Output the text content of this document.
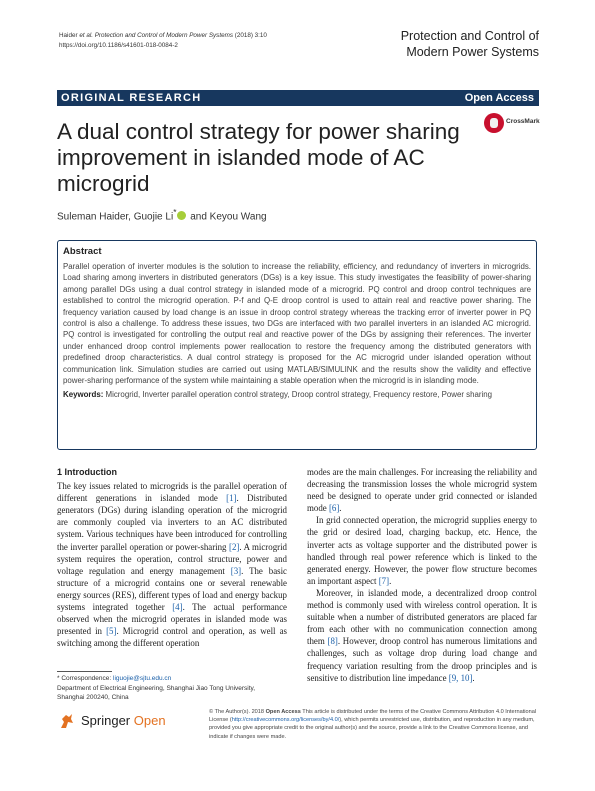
Haider et al. Protection and Control of Modern Power Systems (2018) 3:10
https://doi.org/10.1186/s41601-018-0084-2
Protection and Control of
Modern Power Systems
ORIGINAL RESEARCH	Open Access
A dual control strategy for power sharing improvement in islanded mode of AC microgrid
CrossMark
Suleman Haider, Guojie Li* and Keyou Wang
Abstract

Parallel operation of inverter modules is the solution to increase the reliability, efficiency, and redundancy of inverters in microgrids. Load sharing among inverters in distributed generators (DGs) is a key issue. This study investigates the feasibility of power-sharing among parallel DGs using a dual control strategy in islanded mode of a microgrid. PQ control and droop control techniques are established to control the microgrid operation. P-f and Q-E droop control is used to attain real and reactive power sharing. The frequency variation caused by load change is an issue in droop control strategy whereas the tracking error of inverter power in PQ control is also a challenge. To address these issues, two DGs are interfaced with two parallel inverters in an islanded AC microgrid. PQ control is investigated for controlling the output real and reactive power of the DGs by assigning their references. The inverter under enhanced droop control implements power reallocation to restore the frequency among the distributed generators with predefined droop characteristics. A dual control strategy is proposed for the AC microgrid under islanded operation without communication link. Simulation studies are carried out using MATLAB/SIMULINK and the results show the validity and effective power-sharing performance of the system while maintaining a stable operation when the microgrid is in islanding mode.

Keywords: Microgrid, Inverter parallel operation control strategy, Droop control strategy, Frequency restore, Power sharing

1 Introduction

The key issues related to microgrids is the parallel operation of different generations in islanded mode [1]. Distributed generators (DGs) during islanding operation of the microgrid are commonly coupled via inverters to an AC distributed system. Various techniques have been introduced for controlling the inverter parallel operation or power-sharing [2]. A microgrid system requires the operation, control structure, power and voltage regulation and energy management [3]. The basic structure of a microgrid contains one or several renewable energy sources (RES), different types of load and energy backup systems integrated together [4]. The actual performance observed when the microgrid operates in islanded mode was presented in [5]. Microgrid control and operation, as well as switching among the different operation

modes are the main challenges. For increasing the reliability and decreasing the transmission losses the whole microgrid system need be designed to operate under grid connected or islanded mode [6].

In grid connected operation, the microgrid supplies energy to the grid or desired load, charging backup, etc. Hence, the inverter acts as voltage supporter and the distributed power is handled through real power reference which is linked to the generated energy. However, the power flow structure becomes an important aspect [7].

Moreover, in islanded mode, a decentralized droop control method is commonly used with wireless control operation. It is suitable when a number of distributed generators are placed far from each other with no communication connection among them [8]. However, droop control has numerous limitations and challenges, such as voltage drop during load change and frequency variation resulting from the droop principles and is sensitive to distribution line impedance [9, 10].

* Correspondence: liguojie@sjtu.edu.cn
Department of Electrical Engineering, Shanghai Jiao Tong University,
Shanghai 200240, China
Springer Open
© The Author(s). 2018 Open Access This article is distributed under the terms of the Creative Commons Attribution 4.0 International License (http://creativecommons.org/licenses/by/4.0/), which permits unrestricted use, distribution, and reproduction in any medium, provided you give appropriate credit to the original author(s) and the source, provide a link to the Creative Commons license, and indicate if changes were made.
